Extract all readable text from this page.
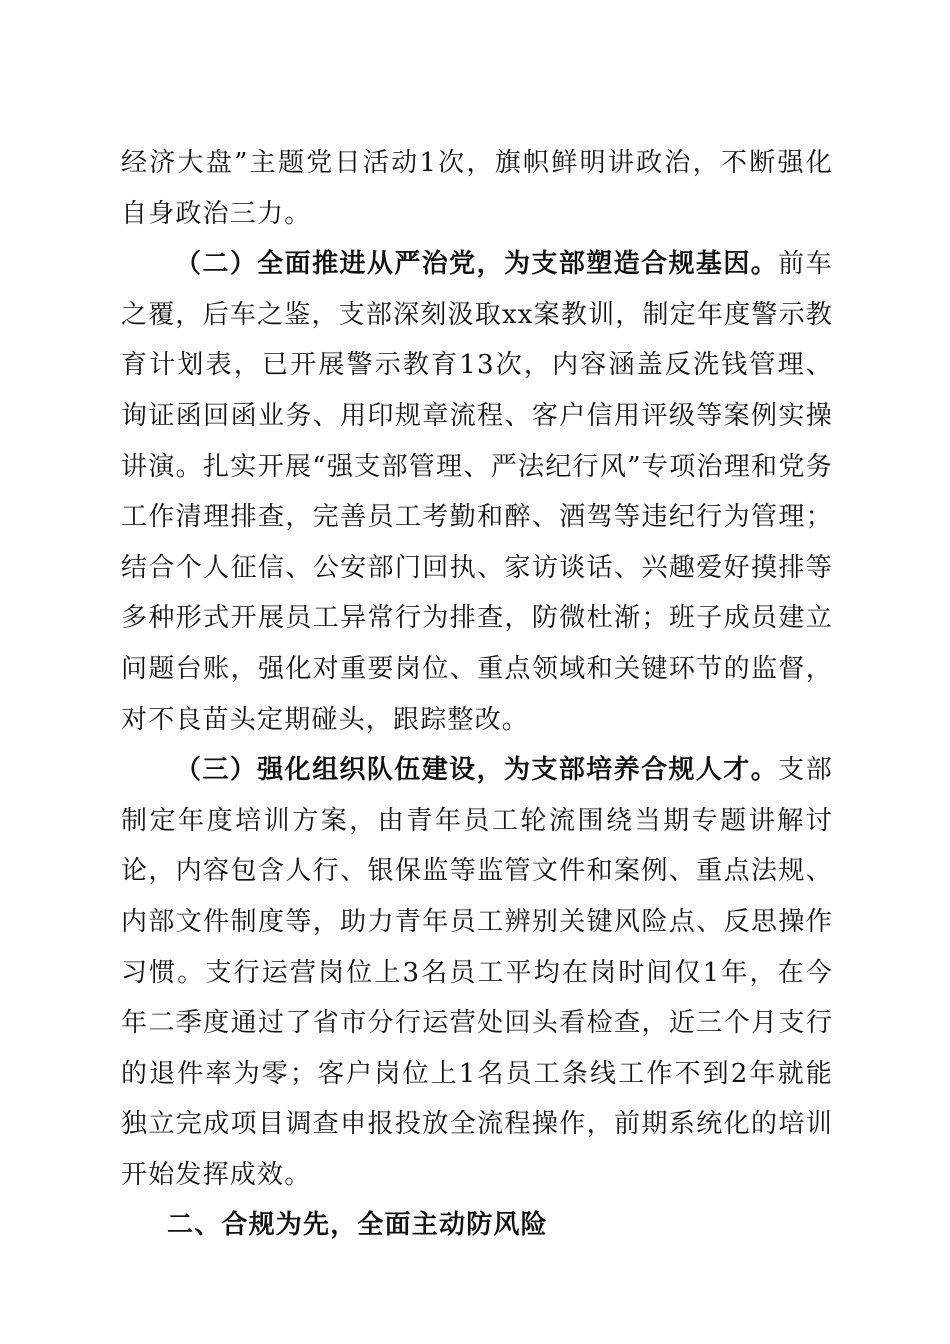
经济大盘”主题党日活动1次，旗帜鲜明讲政治，不断强化自身政治三力。

（二）全面推进从严治党，为支部塑造合规基因。前车之覆，后车之鉴，支部深刻汲取xx案教训，制定年度警示教育计划表，已开展警示教育13次，内容涵盖反洗钱管理、询证函回函业务、用印规章流程、客户信用评级等案例实操讲演。扎实开展“强支部管理、严法纪行风”专项治理和党务工作清理排查，完善员工考勤和醉、酒驾等违纪行为管理；结合个人征信、公安部门回执、家访谈话、兴趣爱好摸排等多种形式开展员工异常行为排查，防微杜渐；班子成员建立问题台账，强化对重要岗位、重点领域和关键环节的监督，对不良苗头定期碰头，跟踪整改。

（三）强化组织队伍建设，为支部培养合规人才。支部制定年度培训方案，由青年员工轮流围绕当期专题讲解讨论，内容包含人行、银保监等监管文件和案例、重点法规、内部文件制度等，助力青年员工辨别关键风险点、反思操作习惯。支行运营岗位上3名员工平均在岗时间仅1年，在今年二季度通过了省市分行运营处回头看检查，近三个月支行的退件率为零；客户岗位上1名员工条线工作不到2年就能独立完成项目调查申报投放全流程操作，前期系统化的培训开始发挥成效。

二、合规为先，全面主动防风险
